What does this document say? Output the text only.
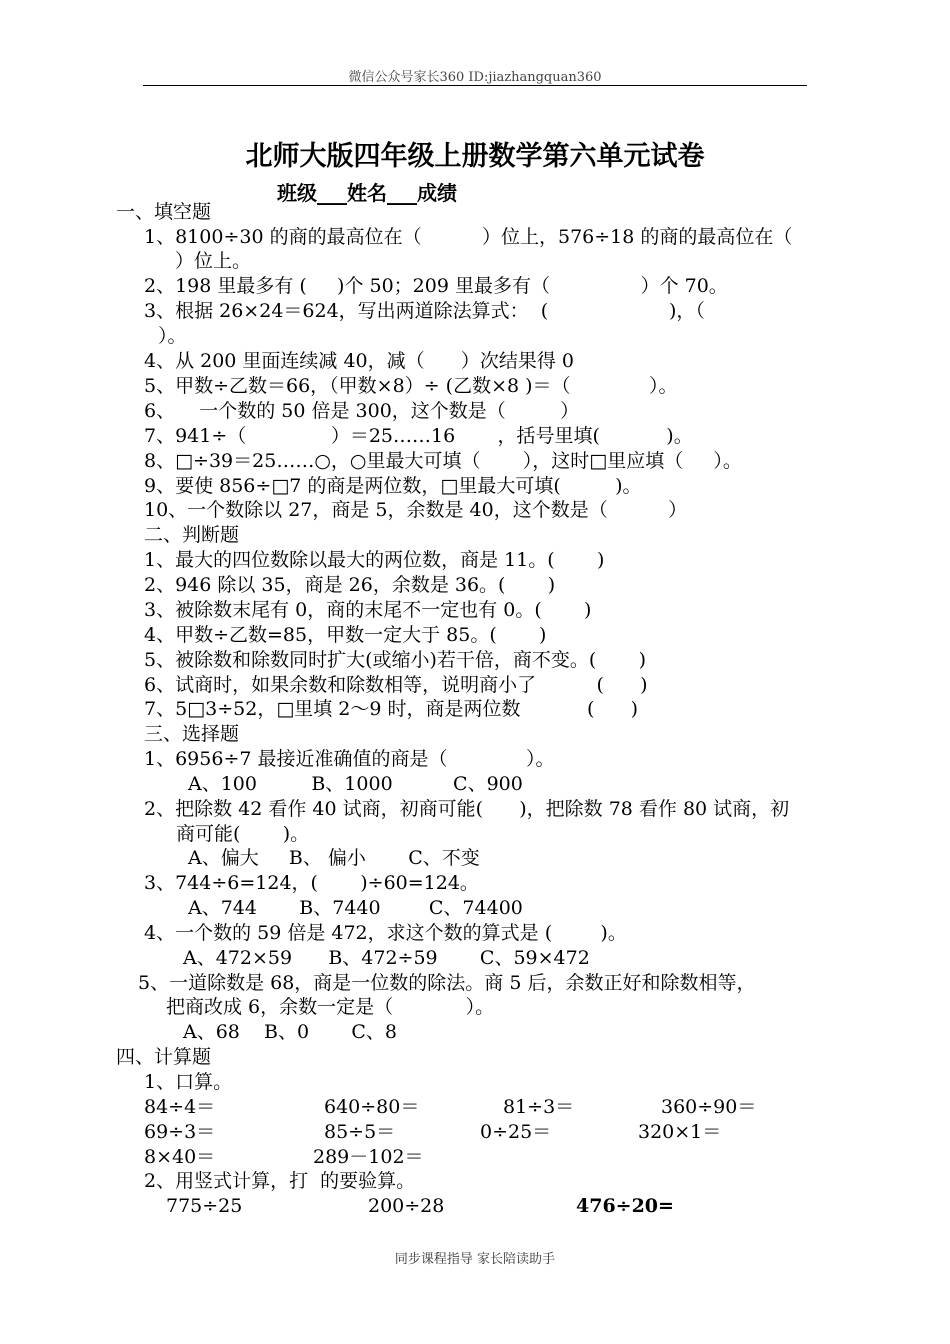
微信公众号家长360 ID:jiazhangquan360
北师大版四年级上册数学第六单元试卷
班级___姓名___成绩
一、填空题
1、8100÷30 的商的最高位在（          ）位上，576÷18 的商的最高位在（
）位上。
2、198 里最多有 (     )个 50；209 里最多有（               ）个 70。
3、根据 26×24＝624，写出两道除法算式：  (                    )，（
）。
4、从 200 里面连续减 40，减（      ）次结果得 0
5、甲数÷乙数＝66，（甲数×8）÷ (乙数×8 )＝（             ）。
6、    一个数的 50 倍是 300，这个数是（         ）
7、941÷（              ）＝25……16       ，括号里填(           )。
8、□÷39＝25……○，○里最大可填（       ），这时□里应填（     ）。
9、要使 856÷□7 的商是两位数，□里最大可填(         )。
10、一个数除以 27，商是 5，余数是 40，这个数是（          ）
二、判断题
1、最大的四位数除以最大的两位数，商是 11。(       )
2、946 除以 35，商是 26，余数是 36。(       )
3、被除数末尾有 0，商的末尾不一定也有 0。(       )
4、甲数÷乙数=85，甲数一定大于 85。(       )
5、被除数和除数同时扩大(或缩小)若干倍，商不变。(       )
6、试商时，如果余数和除数相等，说明商小了          (      )
7、5□3÷52，□里填 2～9 时，商是两位数           (      )
三、选择题
1、6956÷7 最接近准确值的商是（             ）。
A、100         B、1000          C、900
2、把除数 42 看作 40 试商，初商可能(      )，把除数 78 看作 80 试商，初
商可能(       )。
A、偏大     B、 偏小       C、不变
3、744÷6=124，(       )÷60=124。
A、744       B、7440        C、74400
4、一个数的 59 倍是 472，求这个数的算式是 (        )。
A、472×59      B、472÷59       C、59×472
5、一道除数是 68，商是一位数的除法。商 5 后，余数正好和除数相等，
把商改成 6，余数一定是（            ）。
A、68    B、0       C、8
四、计算题
1、口算。
84÷4＝	640÷80＝	81÷3＝	360÷90＝
69÷3＝	85÷5＝	0÷25＝	320×1＝
8×40＝	289－102＝
2、用竖式计算，打  的要验算。
775÷25	200÷28	476÷20=
同步课程指导 家长陪读助手
